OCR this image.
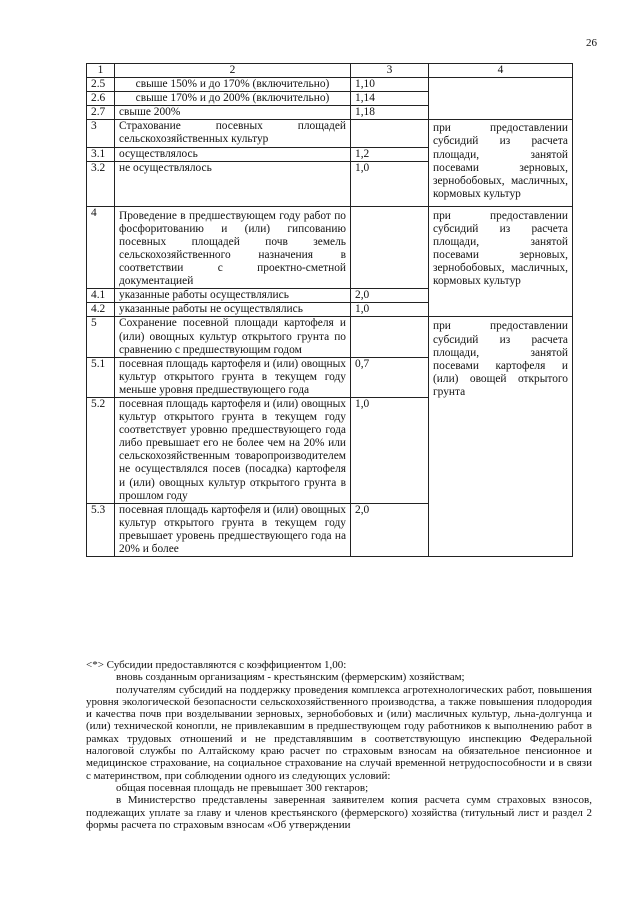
26
1	2	3	4
2.5	свыше 150% и до 170% (включительно)	1,10	
2.6	свыше 170% и до 200% (включительно)	1,14	
2.7	свыше 200%	1,18	
3	Страхование посевных площадей сельскохозяйственных культур		при предоставлении субсидий из расчета площади, занятой посевами зерновых, зернобобовых, масличных, кормовых культур
3.1	осуществлялось	1,2	
3.2	не осуществлялось	1,0	
4	Проведение в предшествующем году работ по фосфоритованию и (или) гипсованию посевных площадей почв земель сельскохозяйственного назначения в соответствии с проектно-сметной документацией		при предоставлении субсидий из расчета площади, занятой посевами зерновых, зернобобовых, масличных, кормовых культур
4.1	указанные работы осуществлялись	2,0	
4.2	указанные работы не осуществлялись	1,0	
5	Сохранение посевной площади картофеля и (или) овощных культур открытого грунта по сравнению с предшествующим годом		при предоставлении субсидий из расчета площади, занятой посевами картофеля и (или) овощей открытого грунта
5.1	посевная площадь картофеля и (или) овощных культур открытого грунта в текущем году меньше уровня предшествующего года	0,7	
5.2	посевная площадь картофеля и (или) овощных культур открытого грунта в текущем году соответствует уровню предшествующего года либо превышает его не более чем на 20% или сельскохозяйственным товаропроизводителем не осуществлялся посев (посадка) картофеля и (или) овощных культур открытого грунта в прошлом году	1,0	
5.3	посевная площадь картофеля и (или) овощных культур открытого грунта в текущем году превышает уровень предшествующего года на 20% и более	2,0	

<*> Субсидии предоставляются с коэффициентом 1,00:

вновь созданным организациям - крестьянским (фермерским) хозяйствам;

получателям субсидий на поддержку проведения комплекса агротехнологических работ, повышения уровня экологической безопасности сельскохозяйственного производства, а также повышения плодородия и качества почв при возделывании зерновых, зернобобовых и (или) масличных культур, льна-долгунца и (или) технической конопли, не привлекавшим в предшествующем году работников к выполнению работ в рамках трудовых отношений и не представлявшим в соответствующую инспекцию Федеральной налоговой службы по Алтайскому краю расчет по страховым взносам на обязательное пенсионное и медицинское страхование, на социальное страхование на случай временной нетрудоспособности и в связи с материнством, при соблюдении одного из следующих условий:

общая посевная площадь не превышает 300 гектаров;

в Министерство представлены заверенная заявителем копия расчета сумм страховых взносов, подлежащих уплате за главу и членов крестьянского (фермерского) хозяйства (титульный лист и раздел 2 формы расчета по страховым взносам «Об утверждении
